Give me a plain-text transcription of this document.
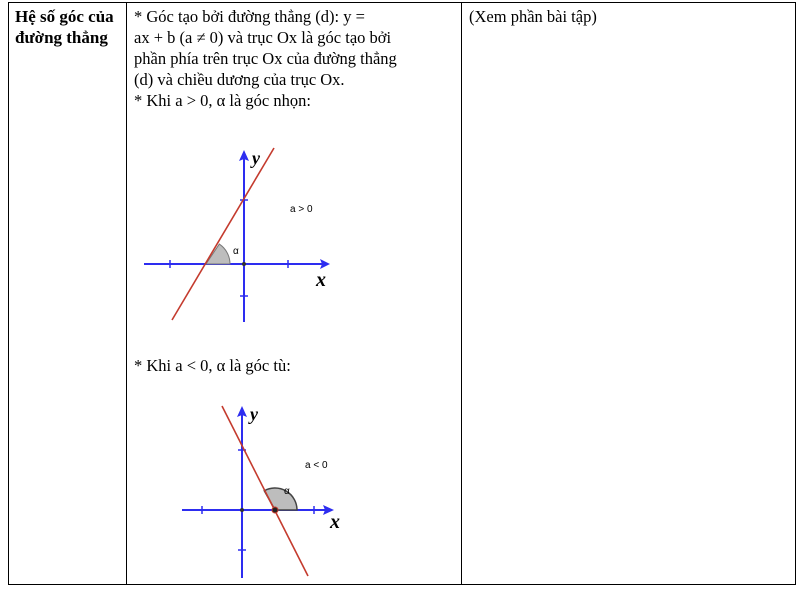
Hệ số góc của đường thẳng
* Góc tạo bởi đường thẳng (d): y =
ax + b (a ≠ 0) và trục Ox là góc tạo bởi
phần phía trên trục Ox của đường thẳng
(d) và chiều dương của trục Ox.
* Khi a > 0, α là góc nhọn:
(Xem phần bài tập)
* Khi a < 0, α là góc tù:
x
y
α
a > 0
x
y
α
a < 0
